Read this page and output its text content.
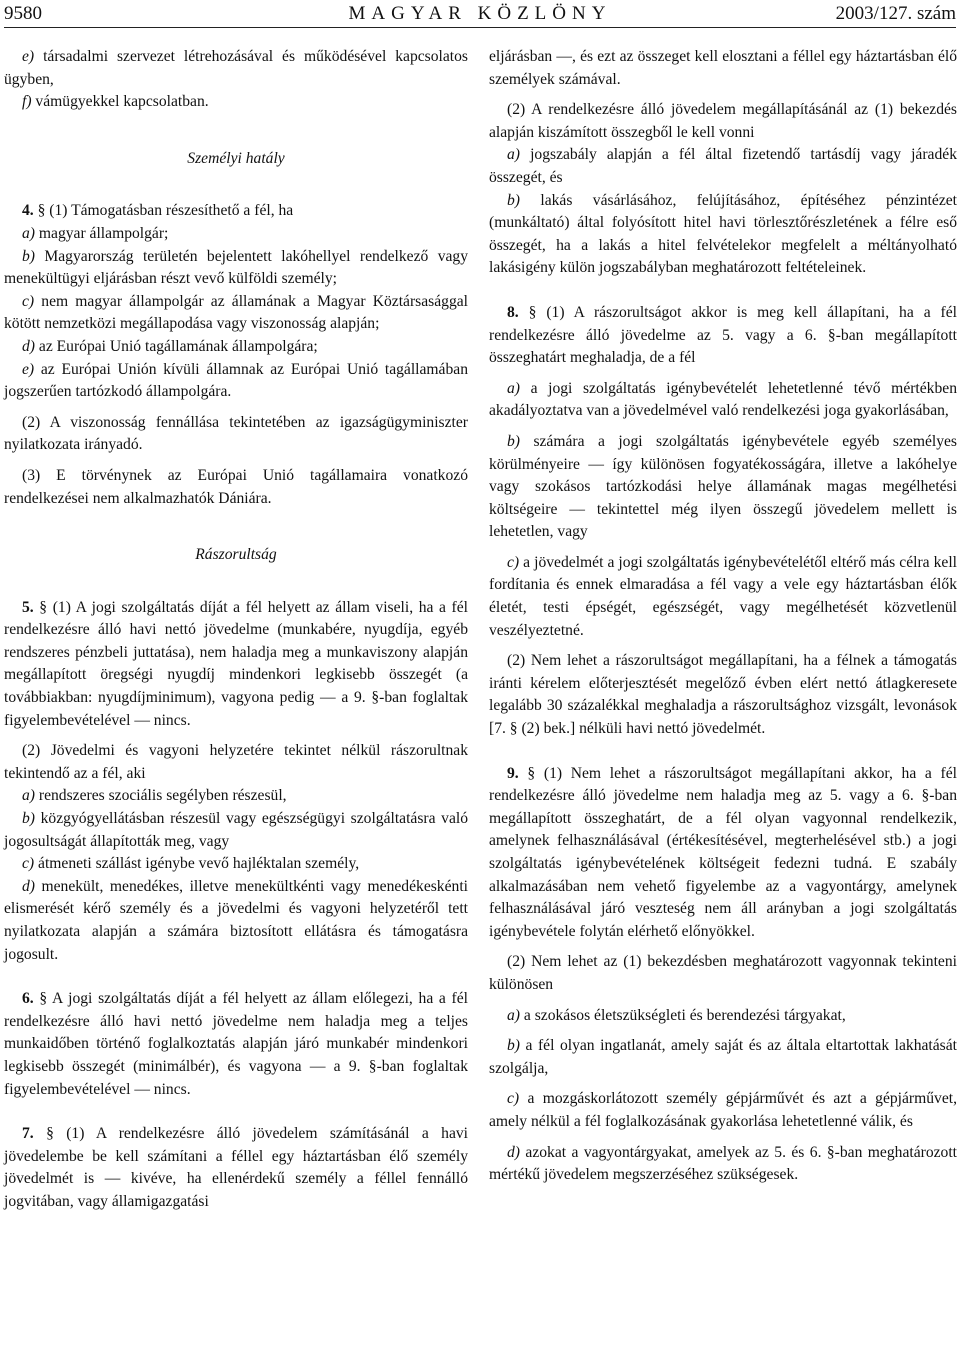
9580	MAGYAR KÖZLÖNY	2003/127. szám

e) társadalmi szervezet létrehozásával és működésével kapcsolatos ügyben,

f) vámügyekkel kapcsolatban.

Személyi hatály

4. § (1) Támogatásban részesíthető a fél, ha

a) magyar állampolgár;

b) Magyarország területén bejelentett lakóhellyel rendelkező vagy menekültügyi eljárásban részt vevő külföldi személy;

c) nem magyar állampolgár az államának a Magyar Köztársasággal kötött nemzetközi megállapodása vagy viszonosság alapján;

d) az Európai Unió tagállamának állampolgára;

e) az Európai Unión kívüli államnak az Európai Unió tagállamában jogszerűen tartózkodó állampolgára.

(2) A viszonosság fennállása tekintetében az igazságügyminiszter nyilatkozata irányadó.

(3) E törvénynek az Európai Unió tagállamaira vonatkozó rendelkezései nem alkalmazhatók Dániára.

Rászorultság

5. § (1) A jogi szolgáltatás díját a fél helyett az állam viseli, ha a fél rendelkezésre álló havi nettó jövedelme (munkabére, nyugdíja, egyéb rendszeres pénzbeli juttatása), nem haladja meg a munkaviszony alapján megállapított öregségi nyugdíj mindenkori legkisebb összegét (a továbbiakban: nyugdíjminimum), vagyona pedig — a 9. §-ban foglaltak figyelembevételével — nincs.

(2) Jövedelmi és vagyoni helyzetére tekintet nélkül rászorultnak tekintendő az a fél, aki

a) rendszeres szociális segélyben részesül,

b) közgyógyellátásban részesül vagy egészségügyi szolgáltatásra való jogosultságát állapították meg, vagy

c) átmeneti szállást igénybe vevő hajléktalan személy,

d) menekült, menedékes, illetve menekültkénti vagy menedékeskénti elismerését kérő személy és a jövedelmi és vagyoni helyzetéről tett nyilatkozata alapján a számára biztosított ellátásra és támogatásra jogosult.

6. § A jogi szolgáltatás díját a fél helyett az állam előlegezi, ha a fél rendelkezésre álló havi nettó jövedelme nem haladja meg a teljes munkaidőben történő foglalkoztatás alapján járó munkabér mindenkori legkisebb összegét (minimálbér), és vagyona — a 9. §-ban foglaltak figyelembevételével — nincs.

7. § (1) A rendelkezésre álló jövedelem számításánál a havi jövedelembe be kell számítani a féllel egy háztartásban élő személy jövedelmét is — kivéve, ha ellenérdekű személy a féllel fennálló jogvitában, vagy államigazgatási

eljárásban —, és ezt az összeget kell elosztani a féllel egy háztartásban élő személyek számával.

(2) A rendelkezésre álló jövedelem megállapításánál az (1) bekezdés alapján kiszámított összegből le kell vonni

a) jogszabály alapján a fél által fizetendő tartásdíj vagy járadék összegét, és

b) lakás vásárlásához, felújításához, építéséhez pénzintézet (munkáltató) által folyósított hitel havi törlesztőrészletének a félre eső összegét, ha a lakás a hitel felvételekor megfelelt a méltányolható lakásigény külön jogszabályban meghatározott feltételeinek.

8. § (1) A rászorultságot akkor is meg kell állapítani, ha a fél rendelkezésre álló jövedelme az 5. vagy a 6. §-ban megállapított összeghatárt meghaladja, de a fél

a) a jogi szolgáltatás igénybevételét lehetetlenné tévő mértékben akadályoztatva van a jövedelmével való rendelkezési joga gyakorlásában,

b) számára a jogi szolgáltatás igénybevétele egyéb személyes körülményeire — így különösen fogyatékosságára, illetve a lakóhelye vagy szokásos tartózkodási helye államának magas megélhetési költségeire — tekintettel még ilyen összegű jövedelem mellett is lehetetlen, vagy

c) a jövedelmét a jogi szolgáltatás igénybevételétől eltérő más célra kell fordítania és ennek elmaradása a fél vagy a vele egy háztartásban élők életét, testi épségét, egészségét, vagy megélhetését közvetlenül veszélyeztetné.

(2) Nem lehet a rászorultságot megállapítani, ha a félnek a támogatás iránti kérelem előterjesztését megelőző évben elért nettó átlagkeresete legalább 30 százalékkal meghaladja a rászorultsághoz vizsgált, levonások [7. § (2) bek.] nélküli havi nettó jövedelmét.

9. § (1) Nem lehet a rászorultságot megállapítani akkor, ha a fél rendelkezésre álló jövedelme nem haladja meg az 5. vagy a 6. §-ban megállapított összeghatárt, de a fél olyan vagyonnal rendelkezik, amelynek felhasználásával (értékesítésével, megterhelésével stb.) a jogi szolgáltatás igénybevételének költségeit fedezni tudná. E szabály alkalmazásában nem vehető figyelembe az a vagyontárgy, amelynek felhasználásával járó veszteség nem áll arányban a jogi szolgáltatás igénybevétele folytán elérhető előnyökkel.

(2) Nem lehet az (1) bekezdésben meghatározott vagyonnak tekinteni különösen

a) a szokásos életszükségleti és berendezési tárgyakat,

b) a fél olyan ingatlanát, amely saját és az általa eltartottak lakhatását szolgálja,

c) a mozgáskorlátozott személy gépjárművét és azt a gépjárművet, amely nélkül a fél foglalkozásának gyakorlása lehetetlenné válik, és

d) azokat a vagyontárgyakat, amelyek az 5. és 6. §-ban meghatározott mértékű jövedelem megszerzéséhez szükségesek.
